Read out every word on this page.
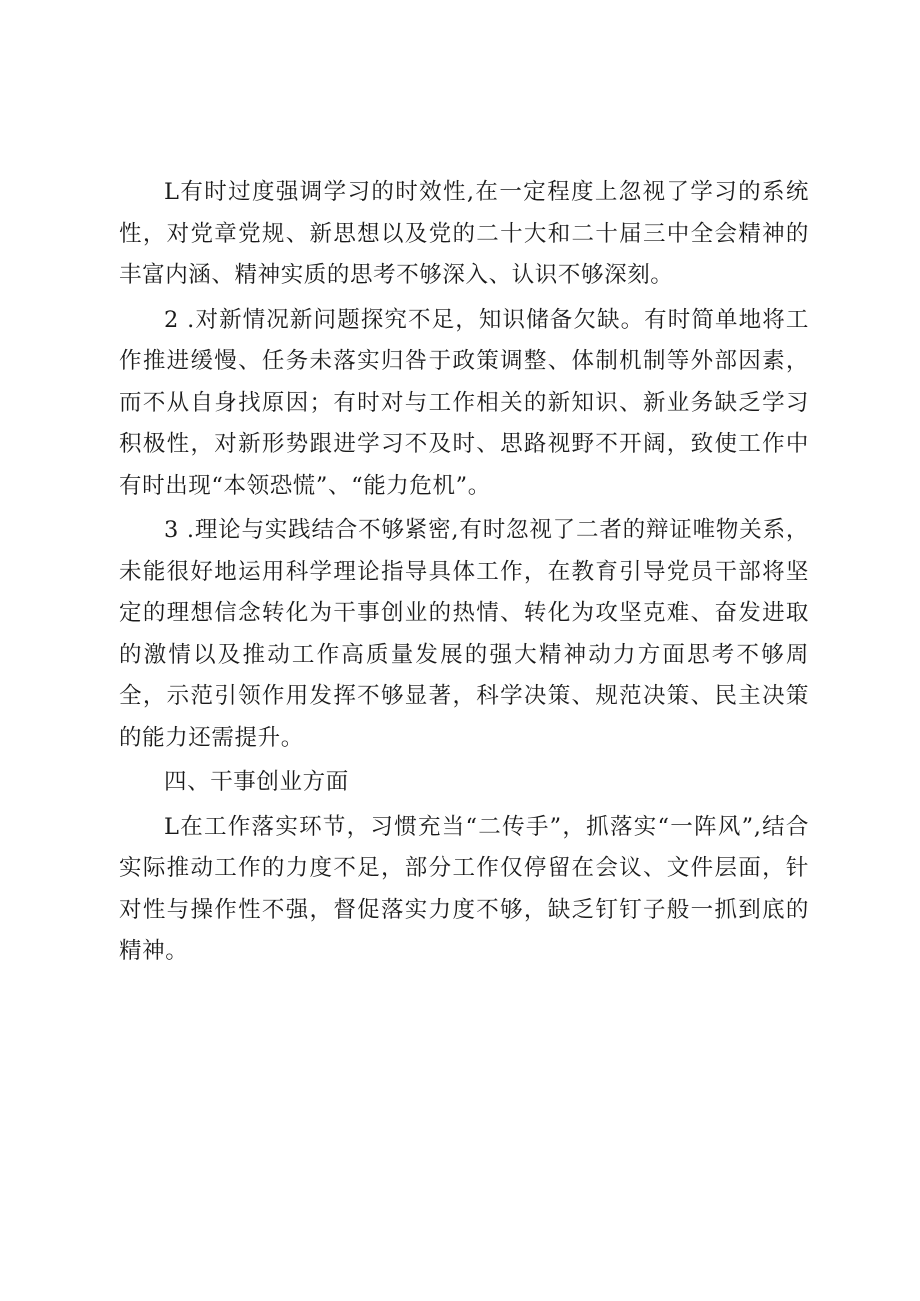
L有时过度强调学习的时效性,在一定程度上忽视了学习的系统性，对党章党规、新思想以及党的二十大和二十届三中全会精神的丰富内涵、精神实质的思考不够深入、认识不够深刻。

2 .对新情况新问题探究不足，知识储备欠缺。有时简单地将工作推进缓慢、任务未落实归咎于政策调整、体制机制等外部因素，而不从自身找原因；有时对与工作相关的新知识、新业务缺乏学习积极性，对新形势跟进学习不及时、思路视野不开阔，致使工作中有时出现“本领恐慌”、“能力危机”。

3 .理论与实践结合不够紧密,有时忽视了二者的辩证唯物关系，未能很好地运用科学理论指导具体工作，在教育引导党员干部将坚定的理想信念转化为干事创业的热情、转化为攻坚克难、奋发进取的激情以及推动工作高质量发展的强大精神动力方面思考不够周全，示范引领作用发挥不够显著，科学决策、规范决策、民主决策的能力还需提升。

四、干事创业方面

L在工作落实环节，习惯充当“二传手”，抓落实“一阵风”,结合实际推动工作的力度不足，部分工作仅停留在会议、文件层面，针对性与操作性不强，督促落实力度不够，缺乏钉钉子般一抓到底的精神。
